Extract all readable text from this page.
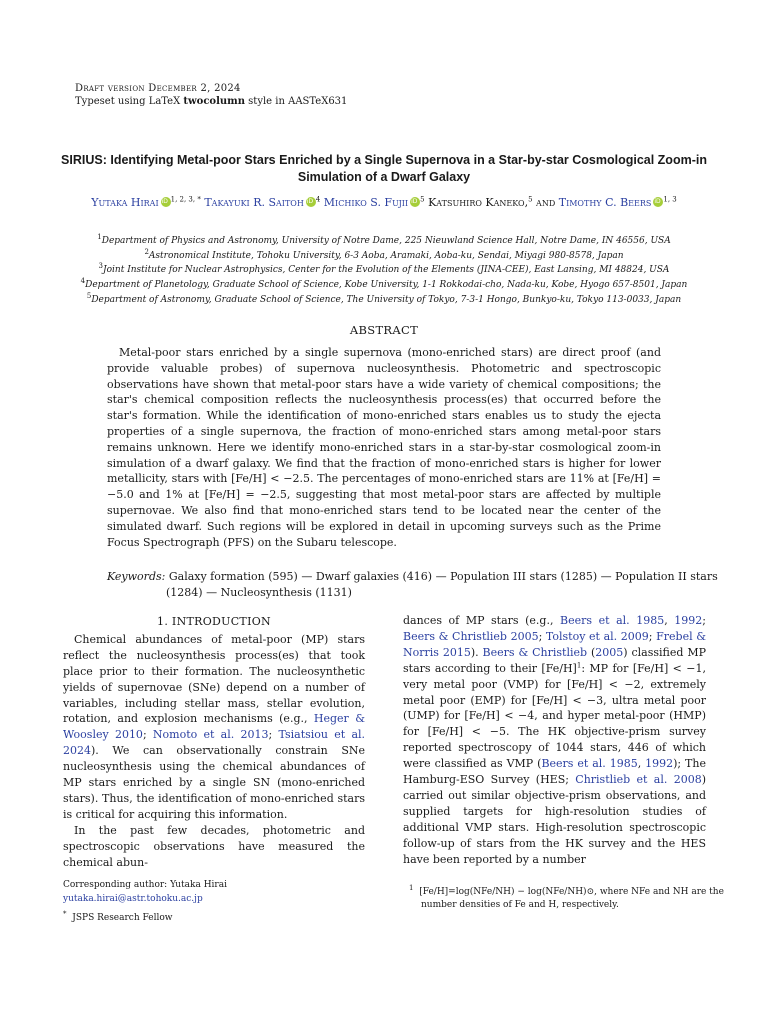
Draft version December 2, 2024
Typeset using LaTeX twocolumn style in AASTeX631
SIRIUS: Identifying Metal-poor Stars Enriched by a Single Supernova in a Star-by-star Cosmological Zoom-in Simulation of a Dwarf Galaxy
Yutaka Hirai iD $^{1, 2, 3, *}$ Takayuki R. Saitoh iD $^4$ Michiko S. Fujii iD $^5$ Katsuhiro Kaneko,$^5$ and Timothy C. Beers iD $^{1, 3}$
$^1$Department of Physics and Astronomy, University of Notre Dame, 225 Nieuwland Science Hall, Notre Dame, IN 46556, USA
$^2$Astronomical Institute, Tohoku University, 6-3 Aoba, Aramaki, Aoba-ku, Sendai, Miyagi 980-8578, Japan
$^3$Joint Institute for Nuclear Astrophysics, Center for the Evolution of the Elements (JINA-CEE), East Lansing, MI 48824, USA
$^4$Department of Planetology, Graduate School of Science, Kobe University, 1-1 Rokkodai-cho, Nada-ku, Kobe, Hyogo 657-8501, Japan
$^5$Department of Astronomy, Graduate School of Science, The University of Tokyo, 7-3-1 Hongo, Bunkyo-ku, Tokyo 113-0033, Japan
ABSTRACT
Metal-poor stars enriched by a single supernova (mono-enriched stars) are direct proof (and provide valuable probes) of supernova nucleosynthesis. Photometric and spectroscopic observations have shown that metal-poor stars have a wide variety of chemical compositions; the star's chemical composition reflects the nucleosynthesis process(es) that occurred before the star's formation. While the identification of mono-enriched stars enables us to study the ejecta properties of a single supernova, the fraction of mono-enriched stars among metal-poor stars remains unknown. Here we identify mono-enriched stars in a star-by-star cosmological zoom-in simulation of a dwarf galaxy. We find that the fraction of mono-enriched stars is higher for lower metallicity, stars with [Fe/H] < −2.5. The percentages of mono-enriched stars are 11% at [Fe/H] = −5.0 and 1% at [Fe/H] = −2.5, suggesting that most metal-poor stars are affected by multiple supernovae. We also find that mono-enriched stars tend to be located near the center of the simulated dwarf. Such regions will be explored in detail in upcoming surveys such as the Prime Focus Spectrograph (PFS) on the Subaru telescope.
Keywords: Galaxy formation (595) — Dwarf galaxies (416) — Population III stars (1285) — Population II stars (1284) — Nucleosynthesis (1131)
1. INTRODUCTION

Chemical abundances of metal-poor (MP) stars reflect the nucleosynthesis process(es) that took place prior to their formation. The nucleosynthetic yields of supernovae (SNe) depend on a number of variables, including stellar mass, stellar evolution, rotation, and explosion mechanisms (e.g., Heger & Woosley 2010; Nomoto et al. 2013; Tsiatsiou et al. 2024). We can observationally constrain SNe nucleosynthesis using the chemical abundances of MP stars enriched by a single SN (mono-enriched stars). Thus, the identification of mono-enriched stars is critical for acquiring this information.

In the past few decades, photometric and spectroscopic observations have measured the chemical abun-

dances of MP stars (e.g., Beers et al. 1985, 1992; Beers & Christlieb 2005; Tolstoy et al. 2009; Frebel & Norris 2015). Beers & Christlieb (2005) classified MP stars according to their $[Fe/H]^1$: MP for [Fe/H] < −1, very metal poor (VMP) for [Fe/H] < −2, extremely metal poor (EMP) for [Fe/H] < −3, ultra metal poor (UMP) for [Fe/H] < −4, and hyper metal-poor (HMP) for [Fe/H] < −5. The HK objective-prism survey reported spectroscopy of 1044 stars, 446 of which were classified as VMP (Beers et al. 1985, 1992); The Hamburg-ESO Survey (HES; Christlieb et al. 2008) carried out similar objective-prism observations, and supplied targets for high-resolution studies of additional VMP stars. High-resolution spectroscopic follow-up of stars from the HK survey and the HES have been reported by a number

Corresponding author: Yutaka Hirai
yutaka.hirai@astr.tohoku.ac.jp
* JSPS Research Fellow
$^1$ [Fe/H]=log(NFe/NH) − log(NFe/NH)⊙, where NFe and NH are the number densities of Fe and H, respectively.
